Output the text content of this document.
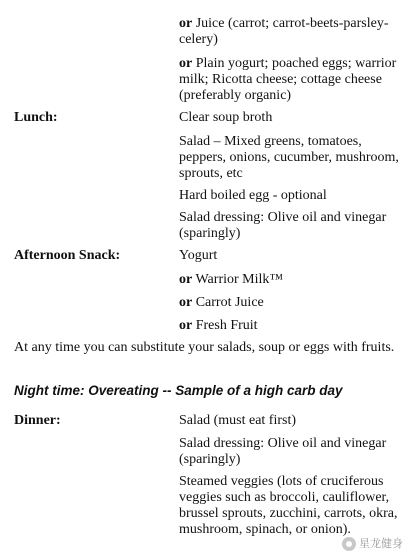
or Juice (carrot; carrot-beets-parsley-celery)
or Plain yogurt; poached eggs; warrior milk; Ricotta cheese; cottage cheese (preferably organic)
Lunch:	Clear soup broth
Salad – Mixed greens, tomatoes, peppers, onions, cucumber, mushroom, sprouts, etc
Hard boiled egg - optional
Salad dressing: Olive oil and vinegar (sparingly)
Afternoon Snack:	Yogurt
or Warrior Milk™
or Carrot Juice
or Fresh Fruit
At any time you can substitute your salads, soup or eggs with fruits.
Night time: Overeating -- Sample of a high carb day
Dinner:	Salad (must eat first)
Salad dressing: Olive oil and vinegar (sparingly)
Steamed veggies (lots of cruciferous veggies such as broccoli, cauliflower, brussel sprouts, zucchini, carrots, okra, mushroom, spinach, or onion).
星龙健身
